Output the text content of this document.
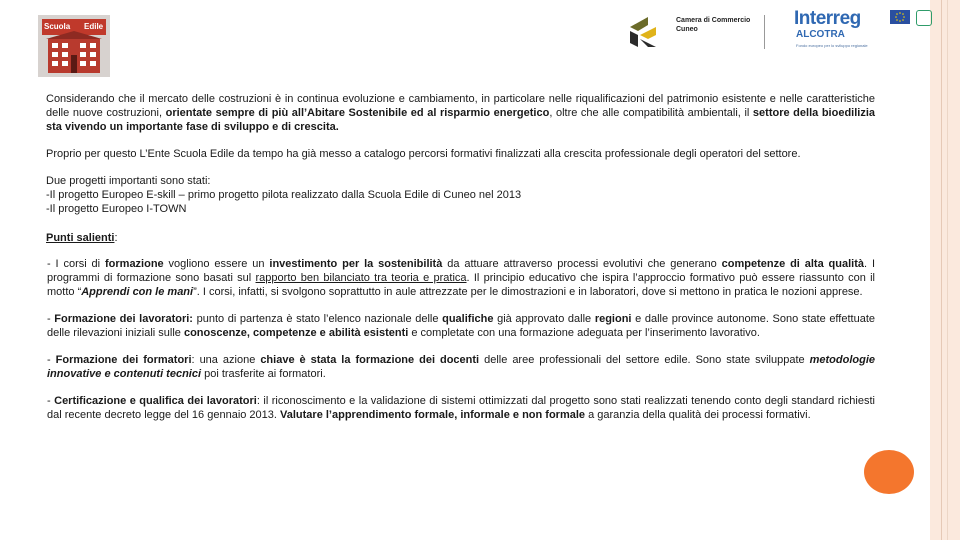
Scuola Edile
Camera di Commercio
Cuneo
Interreg
ALCOTRA
Fondo europeo per lo sviluppo regionale

Considerando che il mercato delle costruzioni è in continua evoluzione e cambiamento, in particolare nelle riqualificazioni del patrimonio esistente e nelle caratteristiche delle nuove costruzioni, orientate sempre di più all’Abitare Sostenibile ed al risparmio energetico, oltre che alle compatibilità ambientali, il settore della bioedilizia sta vivendo un importante fase di sviluppo e di crescita.

Proprio per questo L’Ente Scuola Edile da tempo ha già messo a catalogo percorsi formativi finalizzati alla crescita professionale degli operatori del settore.

Due progetti importanti sono stati:
-Il progetto Europeo E-skill – primo progetto pilota realizzato dalla Scuola Edile di Cuneo nel 2013
-Il progetto Europeo I-TOWN

Punti salienti:

- I corsi di formazione vogliono essere un investimento per la sostenibilità da attuare attraverso processi evolutivi che generano competenze di alta qualità. I programmi di formazione sono basati sul rapporto ben bilanciato tra teoria e pratica. Il principio educativo che ispira l’approccio formativo può essere riassunto con il motto “Apprendi con le mani”. I corsi, infatti, si svolgono soprattutto in aule attrezzate per le dimostrazioni e in laboratori, dove si mettono in pratica le nozioni apprese.

- Formazione dei lavoratori: punto di partenza è stato l’elenco nazionale delle qualifiche già approvato dalle regioni e dalle province autonome. Sono state effettuate delle rilevazioni iniziali sulle conoscenze, competenze e abilità esistenti e completate con una formazione adeguata per l’inserimento lavorativo.

- Formazione dei formatori: una azione chiave è stata la formazione dei docenti delle aree professionali del settore edile. Sono state sviluppate metodologie innovative e contenuti tecnici poi trasferite ai formatori.

- Certificazione e qualifica dei lavoratori: il riconoscimento e la validazione di sistemi ottimizzati dal progetto sono stati realizzati tenendo conto degli standard richiesti dal recente decreto legge del 16 gennaio 2013. Valutare l’apprendimento formale, informale e non formale a garanzia della qualità dei processi formativi.
